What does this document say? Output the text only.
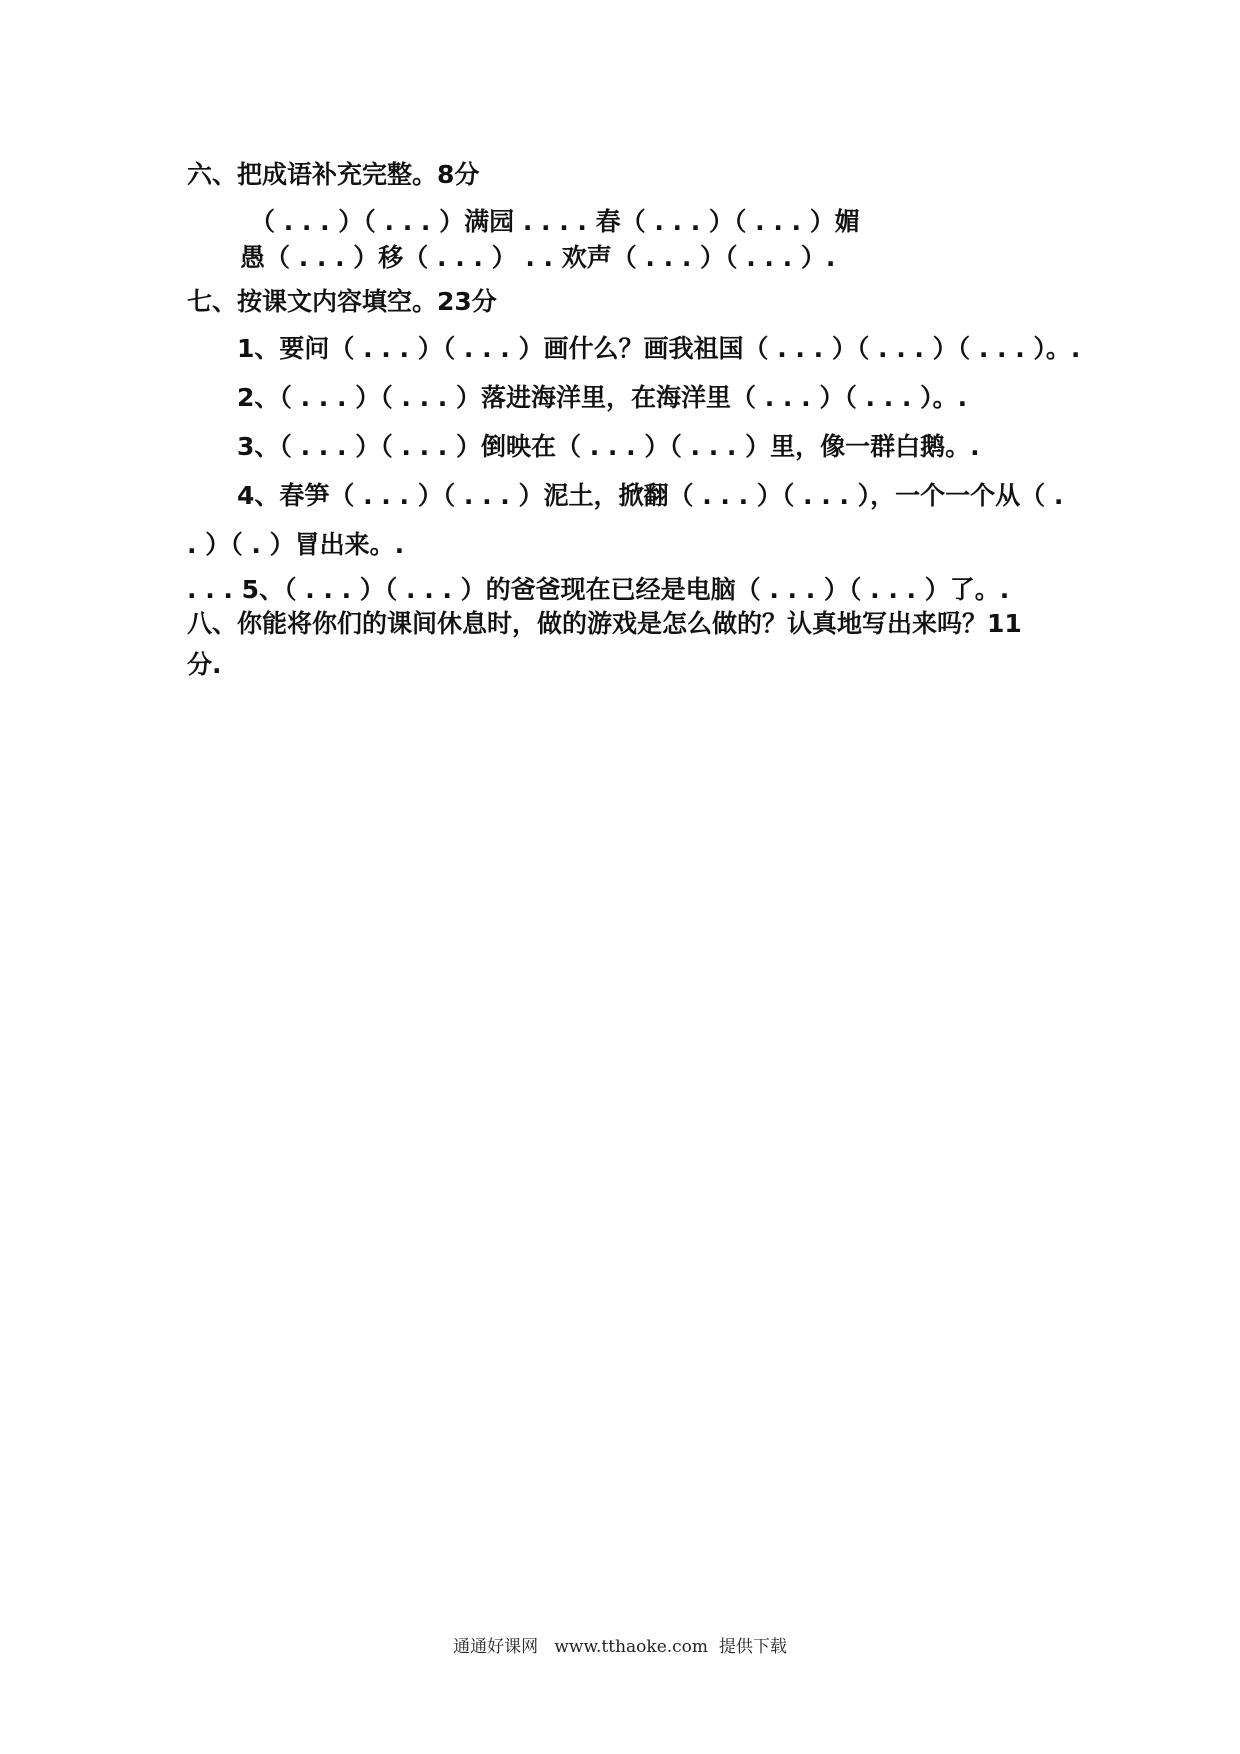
六、把成语补充完整。8分
（ . . . ）（ . . . ）满园 . . . . 春（ . . . ）（ . . . ）媚
愚（ . . . ）移（ . . . ） . . 欢声（ . . . ）（ . . . ）.
七、按课文内容填空。23分
1、要问（ . . . ）（ . . . ）画什么？画我祖国（ . . . ）（ . . . ）（ . . . ）。.
2、（ . . . ）（ . . . ）落进海洋里，在海洋里（ . . . ）（ . . . ）。.
3、（ . . . ）（ . . . ）倒映在（ . . . ）（ . . . ）里，像一群白鹅。.
4、春笋（ . . . ）（ . . . ）泥土，掀翻（ . . . ）（ . . . ），一个一个从（ .
. ）（ . ）冒出来。.
. . . 5、（ . . . ）（ . . . ）的爸爸现在已经是电脑（ . . . ）（ . . . ）了。.
八、你能将你们的课间休息时，做的游戏是怎么做的？认真地写出来吗？11
分.
通通好课网   www.tthaoke.com  提供下载
